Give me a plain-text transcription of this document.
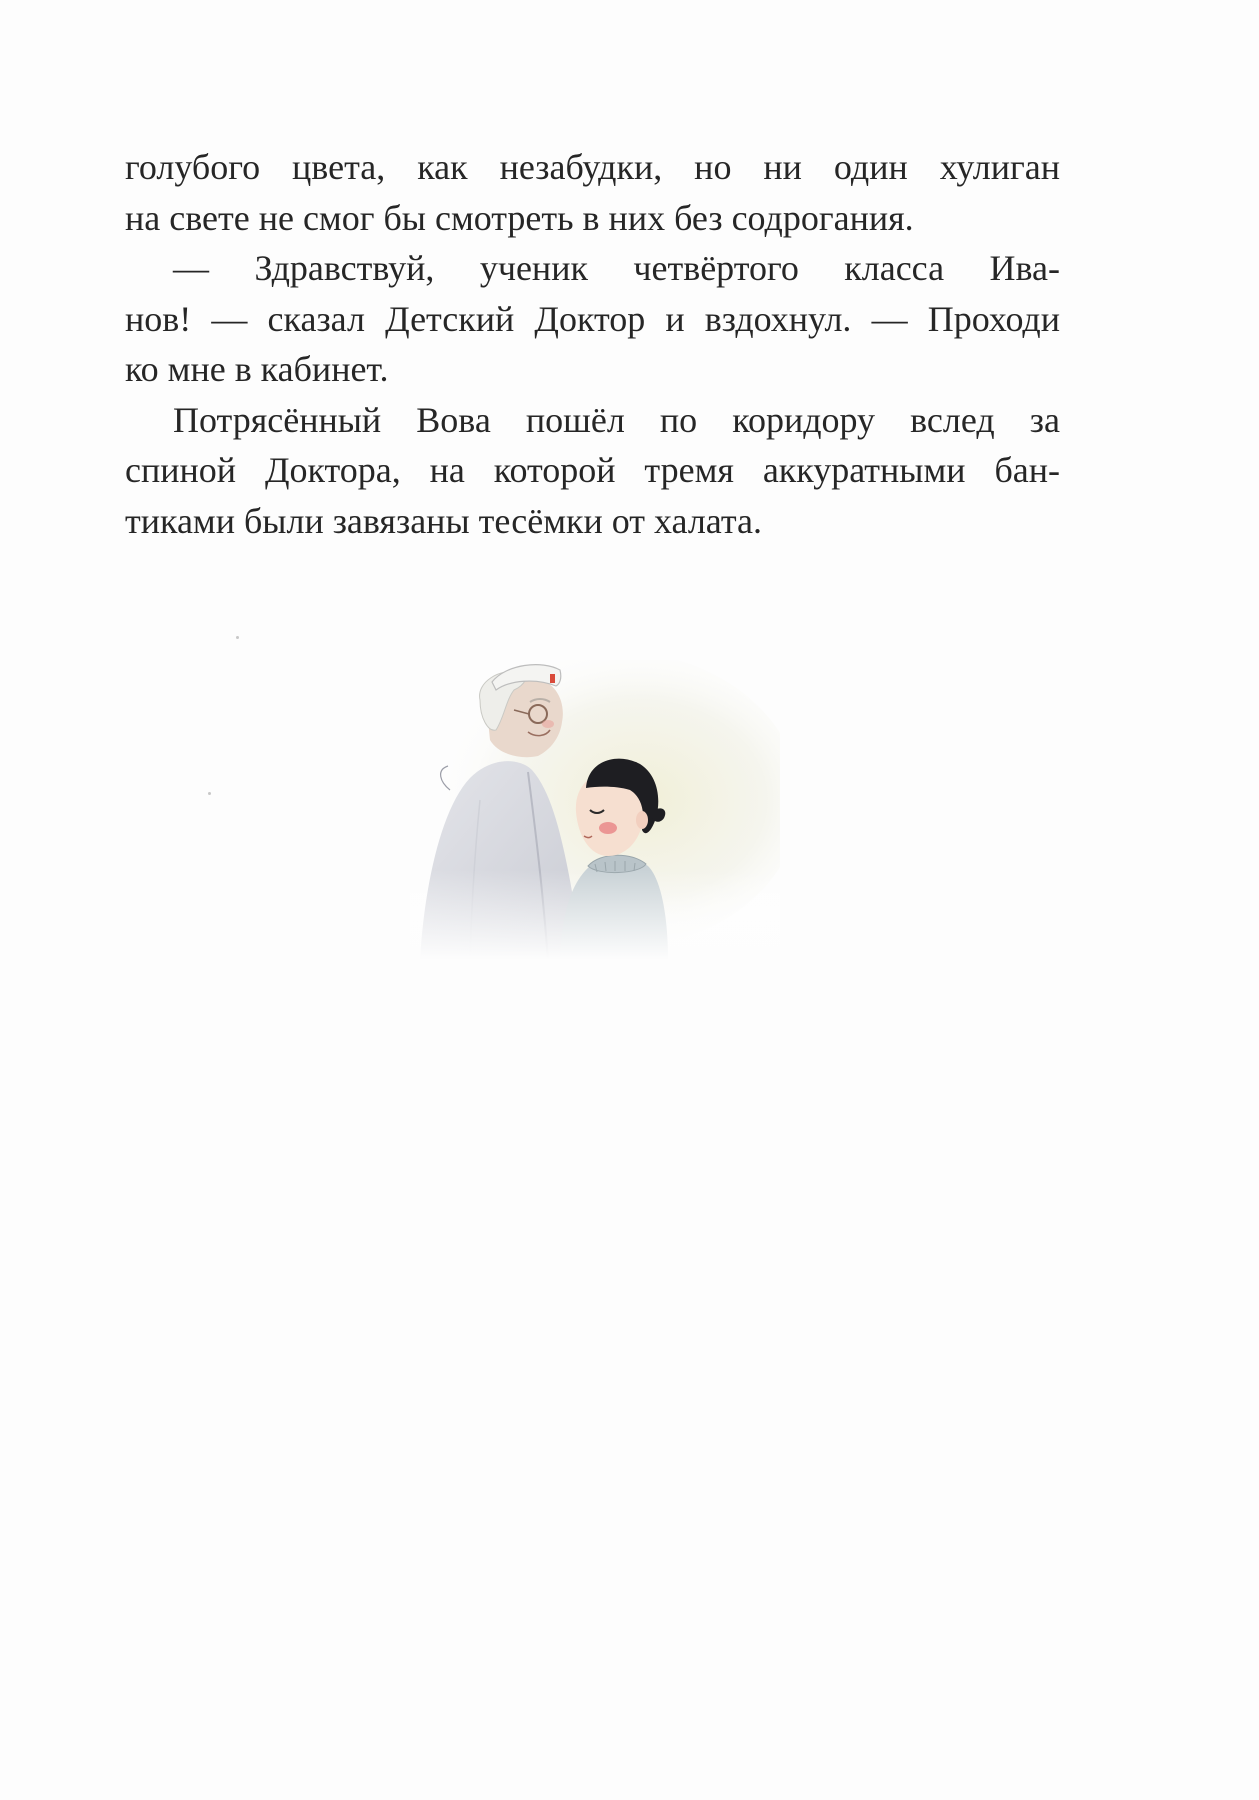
голубого цвета, как незабудки, но ни один хулиган
на свете не смог бы смотреть в них без содрогания.
— Здравствуй, ученик четвёртого класса Ива-
нов! — сказал Детский Доктор и вздохнул. — Проходи
ко мне в кабинет.
Потрясённый Вова пошёл по коридору вслед за
спиной Доктора, на которой тремя аккуратными бан-
тиками были завязаны тесёмки от халата.
